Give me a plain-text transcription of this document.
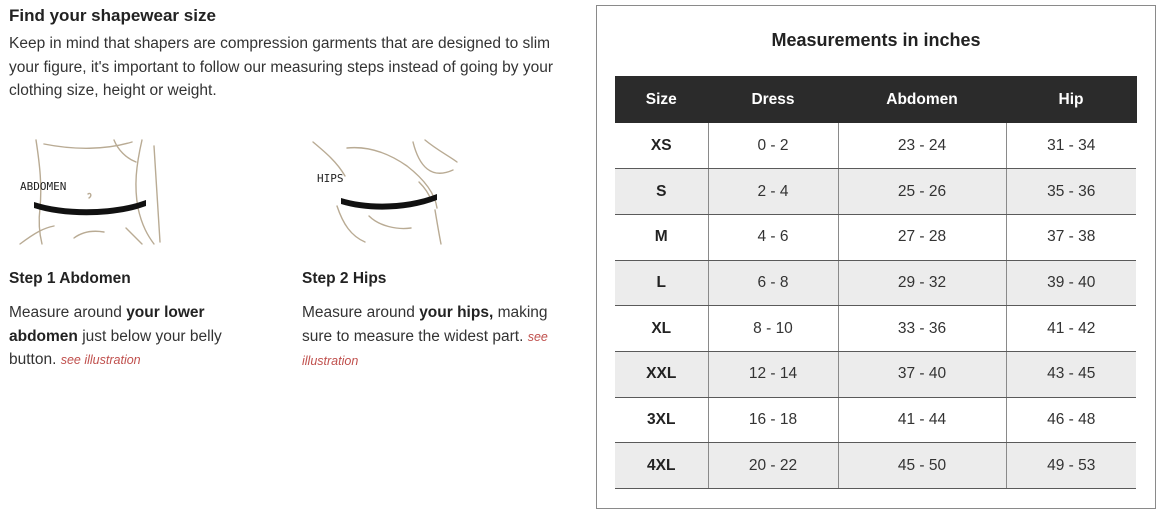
Find your shapewear size

Keep in mind that shapers are compression garments that are designed to slim your figure, it's important to follow our measuring steps instead of going by your clothing size, height or weight.

ABDOMEN
HIPS
Step 1 Abdomen

Measure around your lower abdomen just below your belly button. see illustration

Step 2 Hips

Measure around your hips, making sure to measure the widest part. see illustration

Measurements in inches
Size	Dress	Abdomen	Hip
XS	0 - 2	23 - 24	31 - 34
S	2 - 4	25 - 26	35 - 36
M	4 - 6	27 - 28	37 - 38
L	6 - 8	29 - 32	39 - 40
XL	8 - 10	33 - 36	41 - 42
XXL	12 - 14	37 - 40	43 - 45
3XL	16 - 18	41 - 44	46 - 48
4XL	20 - 22	45 - 50	49 - 53
